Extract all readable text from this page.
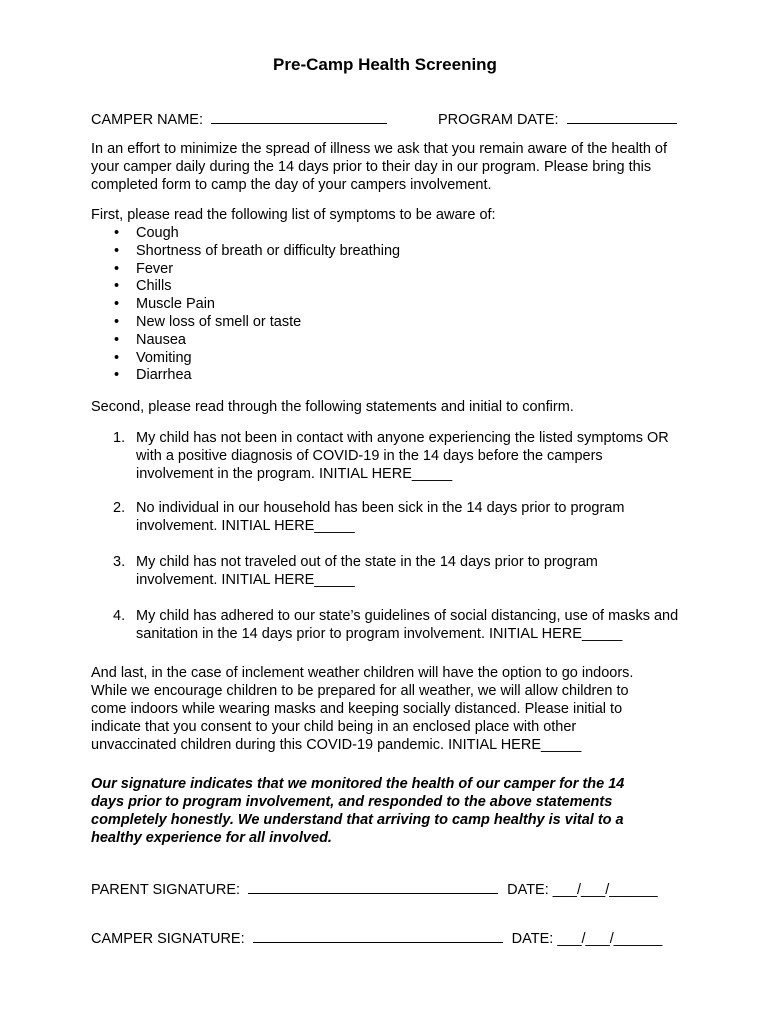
Pre-Camp Health Screening
CAMPER NAME:	PROGRAM DATE:
In an effort to minimize the spread of illness we ask that you remain aware of the health of your camper daily during the 14 days prior to their day in our program. Please bring this completed form to camp the day of your campers involvement.
First, please read the following list of symptoms to be aware of:
• Cough
• Shortness of breath or difficulty breathing
• Fever
• Chills
• Muscle Pain
• New loss of smell or taste
• Nausea
• Vomiting
• Diarrhea
Second, please read through the following statements and initial to confirm.
1. My child has not been in contact with anyone experiencing the listed symptoms OR with a positive diagnosis of COVID-19 in the 14 days before the campers involvement in the program. INITIAL HERE_____
2. No individual in our household has been sick in the 14 days prior to program involvement. INITIAL HERE_____
3. My child has not traveled out of the state in the 14 days prior to program involvement. INITIAL HERE_____
4. My child has adhered to our state’s guidelines of social distancing, use of masks and sanitation in the 14 days prior to program involvement. INITIAL HERE_____
And last, in the case of inclement weather children will have the option to go indoors. While we encourage children to be prepared for all weather, we will allow children to come indoors while wearing masks and keeping socially distanced. Please initial to indicate that you consent to your child being in an enclosed place with other unvaccinated children during this COVID-19 pandemic. INITIAL HERE_____
Our signature indicates that we monitored the health of our camper for the 14 days prior to program involvement, and responded to the above statements completely honestly. We understand that arriving to camp healthy is vital to a healthy experience for all involved.
PARENT SIGNATURE:	DATE: ___/___/______
CAMPER SIGNATURE:	DATE: ___/___/______
